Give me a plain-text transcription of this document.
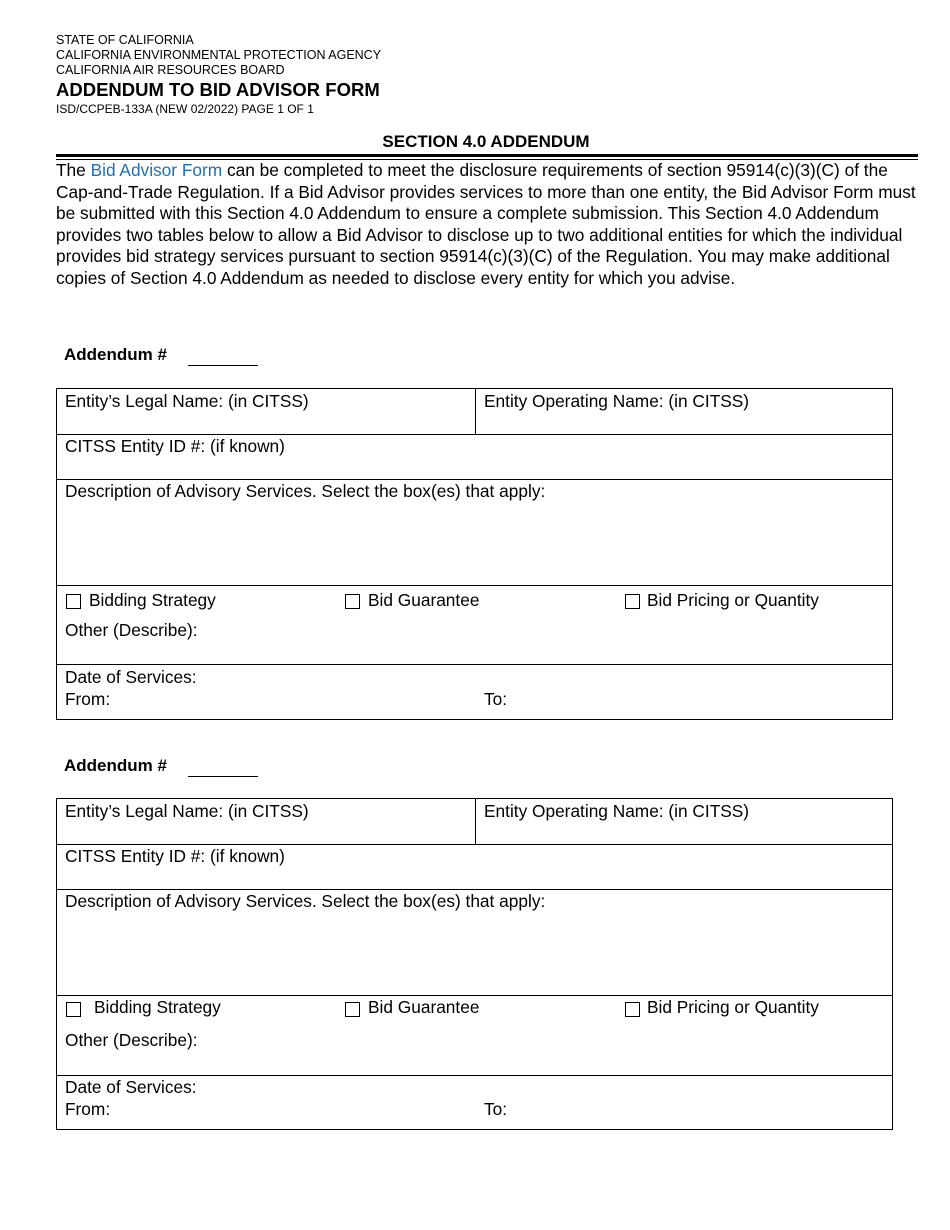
STATE OF CALIFORNIA
CALIFORNIA ENVIRONMENTAL PROTECTION AGENCY
CALIFORNIA AIR RESOURCES BOARD
ADDENDUM TO BID ADVISOR FORM
ISD/CCPEB-133A (NEW 02/2022) PAGE 1 OF 1
SECTION 4.0 ADDENDUM
The Bid Advisor Form can be completed to meet the disclosure requirements of section 95914(c)(3)(C) of the Cap-and-Trade Regulation. If a Bid Advisor provides services to more than one entity, the Bid Advisor Form must be submitted with this Section 4.0 Addendum to ensure a complete submission. This Section 4.0 Addendum provides two tables below to allow a Bid Advisor to disclose up to two additional entities for which the individual provides bid strategy services pursuant to section 95914(c)(3)(C) of the Regulation. You may make additional copies of Section 4.0 Addendum as needed to disclose every entity for which you advise.
Addendum #
Entity’s Legal Name: (in CITSS)	Entity Operating Name: (in CITSS)
CITSS Entity ID #: (if known)
Description of Advisory Services. Select the box(es) that apply:
Bidding Strategy	Bid Guarantee	Bid Pricing or Quantity
Other (Describe):
Date of Services:
From:	To:
Addendum #
Entity’s Legal Name: (in CITSS)	Entity Operating Name: (in CITSS)
CITSS Entity ID #: (if known)
Description of Advisory Services. Select the box(es) that apply:
Bidding Strategy	Bid Guarantee	Bid Pricing or Quantity
Other (Describe):
Date of Services:
From:	To:
